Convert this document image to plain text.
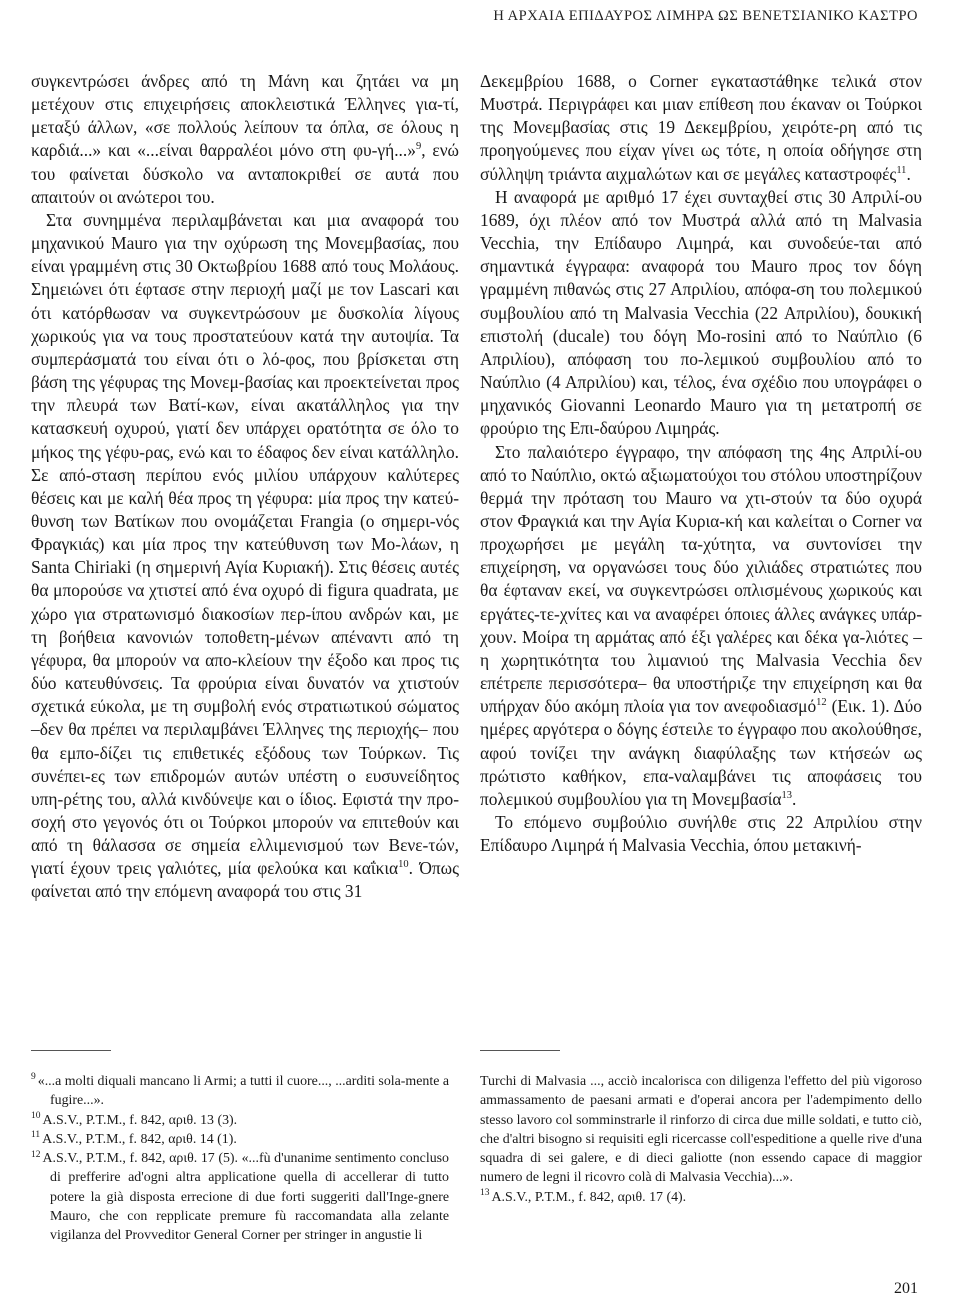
Η ΑΡΧΑΙΑ ΕΠΙΔΑΥΡΟΣ ΛΙΜΗΡΑ ΩΣ ΒΕΝΕΤΣΙΑΝΙΚΟ ΚΑΣΤΡΟ

συγκεντρώσει άνδρες από τη Μάνη και ζητάει να μη μετέχουν στις επιχειρήσεις αποκλειστικά Έλληνες για-τί, μεταξύ άλλων, «σε πολλούς λείπουν τα όπλα, σε όλους η καρδιά...» και «...είναι θαρραλέοι μόνο στη φυ-γή...»$^9$, ενώ του φαίνεται δύσκολο να ανταποκριθεί σε αυτά που απαιτούν οι ανώτεροι του.

Στα συνημμένα περιλαμβάνεται και μια αναφορά του μηχανικού Mauro για την οχύρωση της Μονεμβασίας, που είναι γραμμένη στις 30 Οκτωβρίου 1688 από τους Μολάους. Σημειώνει ότι έφτασε στην περιοχή μαζί με τον Lascari και ότι κατόρθωσαν να συγκεντρώσουν με δυσκολία λίγους χωρικούς για να τους προστατεύουν κατά την αυτοψία. Τα συμπεράσματά του είναι ότι ο λό-φος, που βρίσκεται στη βάση της γέφυρας της Μονεμ-βασίας και προεκτείνεται προς την πλευρά των Βατί-κων, είναι ακατάλληλος για την κατασκευή οχυρού, γιατί δεν υπάρχει ορατότητα σε όλο το μήκος της γέφυ-ρας, ενώ και το έδαφος δεν είναι κατάλληλο. Σε από-σταση περίπου ενός μιλίου υπάρχουν καλύτερες θέσεις και με καλή θέα προς τη γέφυρα: μία προς την κατεύ-θυνση των Βατίκων που ονομάζεται Frangia (ο σημερι-νός Φραγκιάς) και μία προς την κατεύθυνση των Μο-λάων, η Santa Chiriaki (η σημερινή Αγία Κυριακή). Στις θέσεις αυτές θα μπορούσε να χτιστεί από ένα οχυρό di figura quadrata, με χώρο για στρατωνισμό διακοσίων περ-ίπου ανδρών και, με τη βοήθεια κανονιών τοποθετη-μένων απέναντι από τη γέφυρα, θα μπορούν να απο-κλείουν την έξοδο και προς τις δύο κατευθύνσεις. Τα φρούρια είναι δυνατόν να χτιστούν σχετικά εύκολα, με τη συμβολή ενός στρατιωτικού σώματος –δεν θα πρέπει να περιλαμβάνει Έλληνες της περιοχής– που θα εμπο-δίζει τις επιθετικές εξόδους των Τούρκων. Τις συνέπει-ες των επιδρομών αυτών υπέστη ο ευσυνείδητος υπη-ρέτης του, αλλά κινδύνεψε και ο ίδιος. Εφιστά την προ-σοχή στο γεγονός ότι οι Τούρκοι μπορούν να επιτεθούν και από τη θάλασσα σε σημεία ελλιμενισμού των Βενε-τών, γιατί έχουν τρεις γαλιότες, μία φελούκα και καΐκια$^{10}$. Όπως φαίνεται από την επόμενη αναφορά του στις 31

Δεκεμβρίου 1688, ο Corner εγκαταστάθηκε τελικά στον Μυστρά. Περιγράφει και μιαν επίθεση που έκαναν οι Τούρκοι της Μονεμβασίας στις 19 Δεκεμβρίου, χειρότε-ρη από τις προηγούμενες που είχαν γίνει ως τότε, η οποία οδήγησε στη σύλληψη τριάντα αιχμαλώτων και σε μεγάλες καταστροφές$^{11}$.

Η αναφορά με αριθμό 17 έχει συνταχθεί στις 30 Απριλί-ου 1689, όχι πλέον από τον Μυστρά αλλά από τη Malvasia Vecchia, την Επίδαυρο Λιμηρά, και συνοδεύε-ται από σημαντικά έγγραφα: αναφορά του Mauro προς τον δόγη γραμμένη πιθανώς στις 27 Απριλίου, απόφα-ση του πολεμικού συμβουλίου από τη Malvasia Vecchia (22 Απριλίου), δουκική επιστολή (ducale) του δόγη Mo-rosini από το Ναύπλιο (6 Απριλίου), απόφαση του πο-λεμικού συμβουλίου από το Ναύπλιο (4 Απριλίου) και, τέλος, ένα σχέδιο που υπογράφει ο μηχανικός Giovanni Leonardo Mauro για τη μετατροπή σε φρούριο της Επι-δαύρου Λιμηράς.

Στο παλαιότερο έγγραφο, την απόφαση της 4ης Απριλί-ου από το Ναύπλιο, οκτώ αξιωματούχοι του στόλου υποστηρίζουν θερμά την πρόταση του Mauro να χτι-στούν τα δύο οχυρά στον Φραγκιά και την Αγία Κυρια-κή και καλείται ο Corner να προχωρήσει με μεγάλη τα-χύτητα, να συντονίσει την επιχείρηση, να οργανώσει τους δύο χιλιάδες στρατιώτες που θα έφταναν εκεί, να συγκεντρώσει οπλισμένους χωρικούς και εργάτες-τε-χνίτες και να αναφέρει όποιες άλλες ανάγκες υπάρ-χουν. Μοίρα τη αρμάτας από έξι γαλέρες και δέκα γα-λιότες –η χωρητικότητα του λιμανιού της Malvasia Vecchia δεν επέτρεπε περισσότερα– θα υποστήριζε την επιχείρηση και θα υπήρχαν δύο ακόμη πλοία για τον ανεφοδιασμό$^{12}$ (Εικ. 1). Δύο ημέρες αργότερα ο δόγης έστειλε το έγγραφο που ακολούθησε, αφού τονίζει την ανάγκη διαφύλαξης των κτήσεών ως πρώτιστο καθήκον, επα-ναλαμβάνει τις αποφάσεις του πολεμικού συμβουλίου για τη Μονεμβασία$^{13}$.

Το επόμενο συμβούλιο συνήλθε στις 22 Απριλίου στην Επίδαυρο Λιμηρά ή Malvasia Vecchia, όπου μετακινή-

$^9$ «...a molti diquali mancano li Armi; a tutti il cuore..., ...arditi sola-mente a fugire...».

$^{10}$ A.S.V., P.T.M., f. 842, αριθ. 13 (3).

$^{11}$ A.S.V., P.T.M., f. 842, αριθ. 14 (1).

$^{12}$ A.S.V., P.T.M., f. 842, αριθ. 17 (5). «...fù d'unanime sentimento concluso di prefferire ad'ogni altra applicatione quella di accellerar di tutto potere la già disposta errecione di due forti suggeriti dall'Inge-gnere Mauro, che con repplicate premure fù raccomandata alla zelante vigilanza del Provveditor General Corner per stringer in angustie li

Turchi di Malvasia ..., acciò incalorisca con diligenza l'effetto del più vigoroso ammassamento de paesani armati e d'operai ancora per l'adempimento dello stesso lavoro col somminstrarle il rinforzo di circa due mille soldati, e tutto ciò, che d'altri bisogno si requisiti egli ricercasse coll'espeditione a quelle rive d'una squadra di sei galere, e di dieci galiotte (non essendo capace di maggior numero de legni il ricovro colà di Malvasia Vecchia)...».

$^{13}$ A.S.V., P.T.M., f. 842, αριθ. 17 (4).

201
